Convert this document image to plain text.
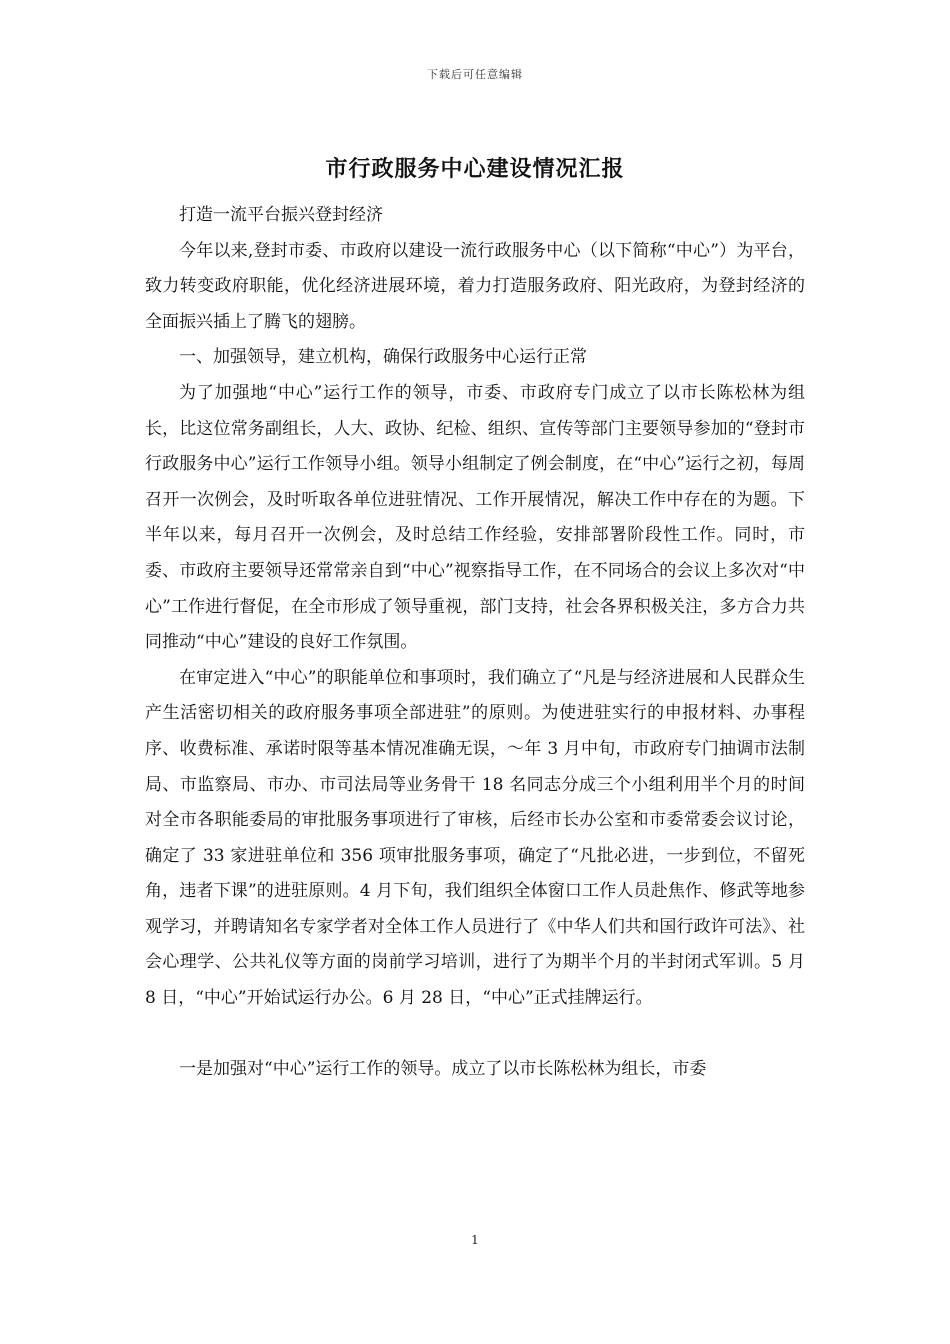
下载后可任意编辑
市行政服务中心建设情况汇报

打造一流平台振兴登封经济

今年以来,登封市委、市政府以建设一流行政服务中心（以下简称“中心”）为平台，致力转变政府职能，优化经济进展环境，着力打造服务政府、阳光政府，为登封经济的全面振兴插上了腾飞的翅膀。

一、加强领导，建立机构，确保行政服务中心运行正常

为了加强地“中心”运行工作的领导，市委、市政府专门成立了以市长陈松林为组长，比这位常务副组长，人大、政协、纪检、组织、宣传等部门主要领导参加的“登封市行政服务中心”运行工作领导小组。领导小组制定了例会制度，在“中心”运行之初，每周召开一次例会，及时听取各单位进驻情况、工作开展情况，解决工作中存在的为题。下半年以来，每月召开一次例会，及时总结工作经验，安排部署阶段性工作。同时，市委、市政府主要领导还常常亲自到“中心”视察指导工作，在不同场合的会议上多次对“中心”工作进行督促，在全市形成了领导重视，部门支持，社会各界积极关注，多方合力共同推动“中心”建设的良好工作氛围。

在审定进入“中心”的职能单位和事项时，我们确立了“凡是与经济进展和人民群众生产生活密切相关的政府服务事项全部进驻”的原则。为使进驻实行的申报材料、办事程序、收费标准、承诺时限等基本情况准确无误，～年 3 月中旬，市政府专门抽调市法制局、市监察局、市办、市司法局等业务骨干 18 名同志分成三个小组利用半个月的时间对全市各职能委局的审批服务事项进行了审核，后经市长办公室和市委常委会议讨论，确定了 33 家进驻单位和 356 项审批服务事项，确定了“凡批必进，一步到位，不留死角，违者下课”的进驻原则。4 月下旬，我们组织全体窗口工作人员赴焦作、修武等地参观学习，并聘请知名专家学者对全体工作人员进行了《中华人们共和国行政许可法》、社会心理学、公共礼仪等方面的岗前学习培训，进行了为期半个月的半封闭式军训。5 月 8 日，“中心”开始试运行办公。6 月 28 日，“中心”正式挂牌运行。

一是加强对“中心”运行工作的领导。成立了以市长陈松林为组长，市委

1
